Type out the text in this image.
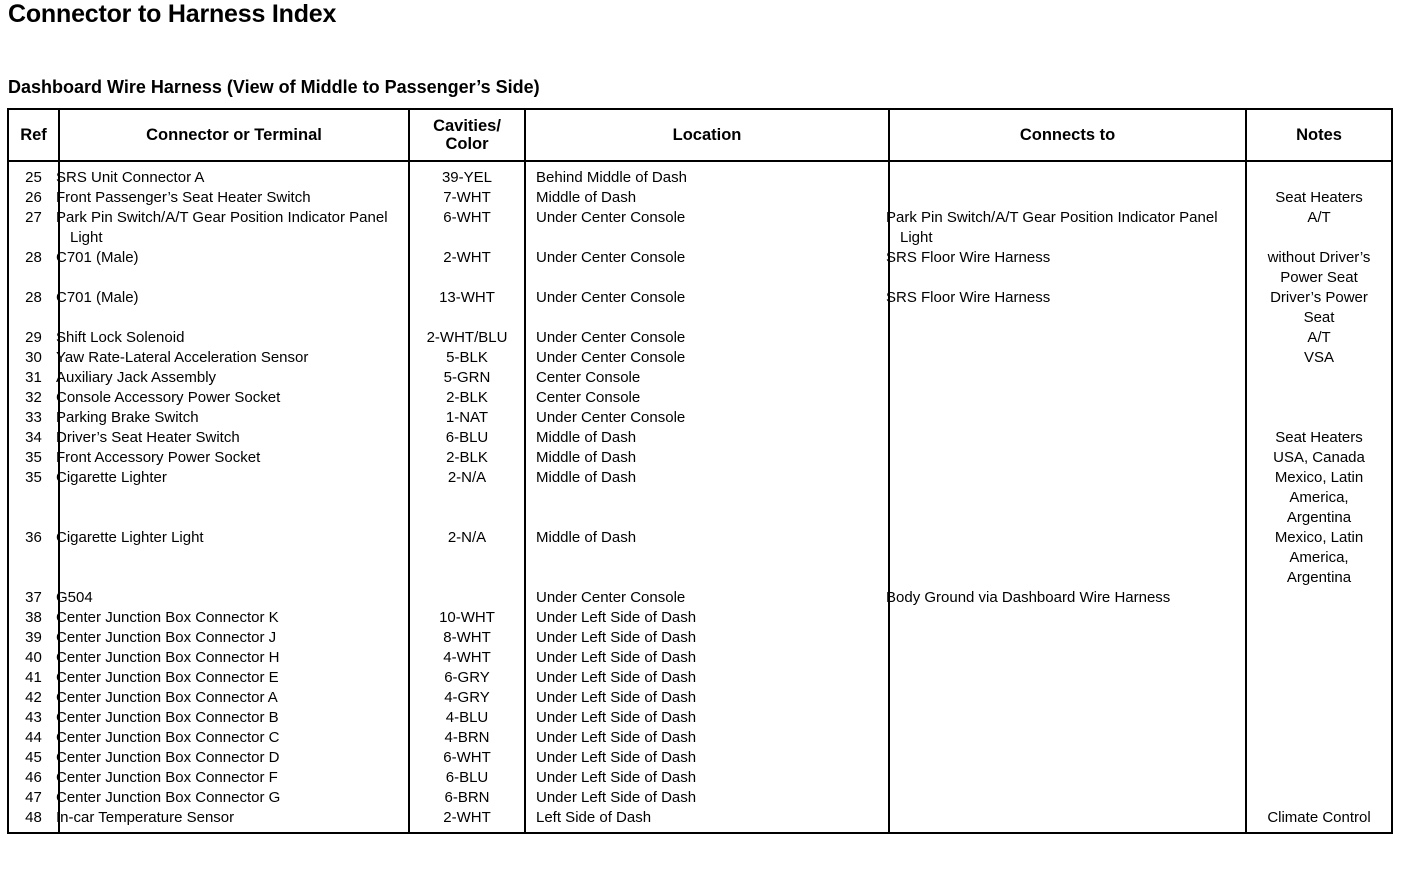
Connector to Harness Index
Dashboard Wire Harness (View of Middle to Passenger’s Side)
Ref	Connector or Terminal	Cavities/ Color	Location	Connects to	Notes
25	SRS Unit Connector A	39-YEL	Behind Middle of Dash		
26	Front Passenger’s Seat Heater Switch	7-WHT	Middle of Dash		Seat Heaters
27	Park Pin Switch/A/T Gear Position Indicator Panel Light	6-WHT	Under Center Console	Park Pin Switch/A/T Gear Position Indicator Panel Light	A/T
28	C701 (Male)	2-WHT	Under Center Console	SRS Floor Wire Harness	without Driver’s Power Seat
28	C701 (Male)	13-WHT	Under Center Console	SRS Floor Wire Harness	Driver’s Power Seat
29	Shift Lock Solenoid	2-WHT/BLU	Under Center Console		A/T
30	Yaw Rate-Lateral Acceleration Sensor	5-BLK	Under Center Console		VSA
31	Auxiliary Jack Assembly	5-GRN	Center Console		
32	Console Accessory Power Socket	2-BLK	Center Console		
33	Parking Brake Switch	1-NAT	Under Center Console		
34	Driver’s Seat Heater Switch	6-BLU	Middle of Dash		Seat Heaters
35	Front Accessory Power Socket	2-BLK	Middle of Dash		USA, Canada
35	Cigarette Lighter	2-N/A	Middle of Dash		Mexico, Latin America, Argentina
36	Cigarette Lighter Light	2-N/A	Middle of Dash		Mexico, Latin America, Argentina
37	G504		Under Center Console	Body Ground via Dashboard Wire Harness	
38	Center Junction Box Connector K	10-WHT	Under Left Side of Dash		
39	Center Junction Box Connector J	8-WHT	Under Left Side of Dash		
40	Center Junction Box Connector H	4-WHT	Under Left Side of Dash		
41	Center Junction Box Connector E	6-GRY	Under Left Side of Dash		
42	Center Junction Box Connector A	4-GRY	Under Left Side of Dash		
43	Center Junction Box Connector B	4-BLU	Under Left Side of Dash		
44	Center Junction Box Connector C	4-BRN	Under Left Side of Dash		
45	Center Junction Box Connector D	6-WHT	Under Left Side of Dash		
46	Center Junction Box Connector F	6-BLU	Under Left Side of Dash		
47	Center Junction Box Connector G	6-BRN	Under Left Side of Dash		
48	In-car Temperature Sensor	2-WHT	Left Side of Dash		Climate Control
